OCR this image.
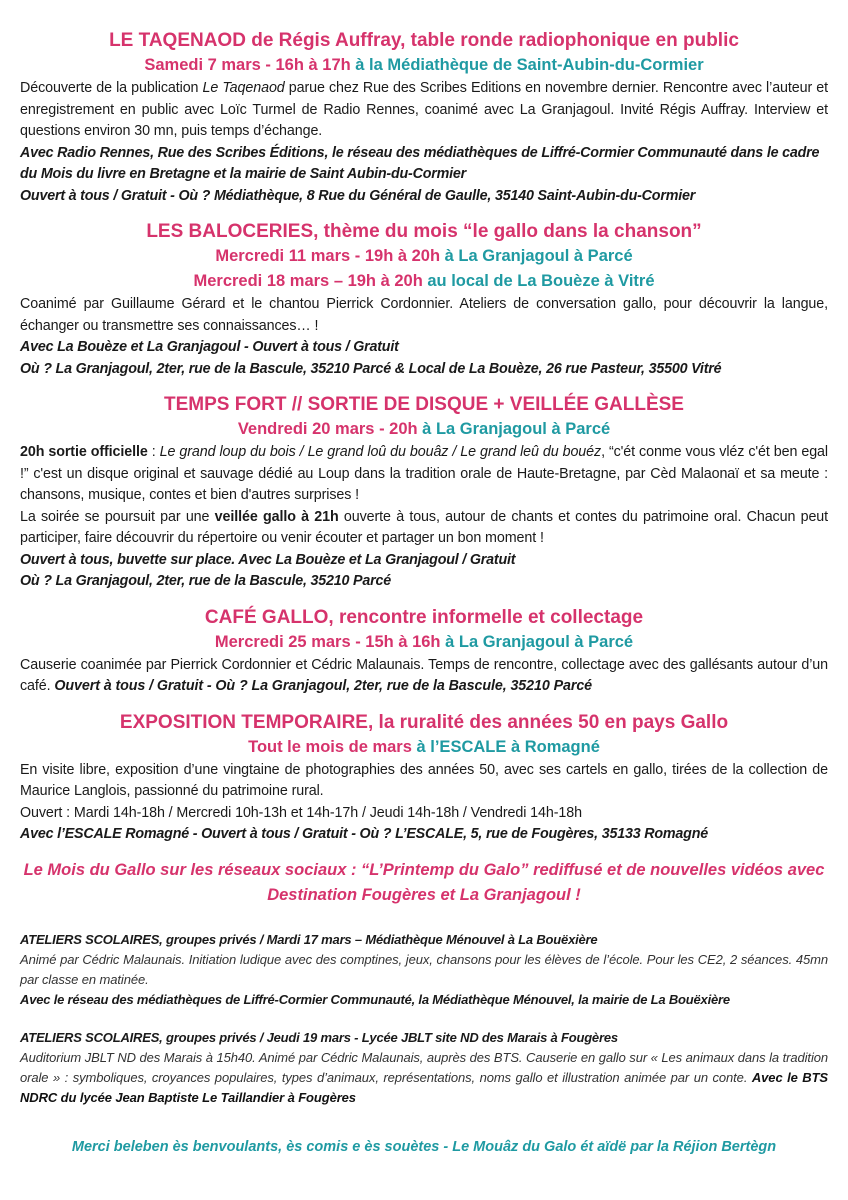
LE TAQENAOD de Régis Auffray, table ronde radiophonique en public

Samedi 7 mars - 16h à 17h à la Médiathèque de Saint-Aubin-du-Cormier

Découverte de la publication Le Taqenaod parue chez Rue des Scribes Editions en novembre dernier. Rencontre avec l’auteur et enregistrement en public avec Loïc Turmel de Radio Rennes, coanimé avec La Granjagoul. Invité Régis Auffray. Interview et questions environ 30 mn, puis temps d’échange.

Avec Radio Rennes, Rue des Scribes Éditions, le réseau des médiathèques de Liffré-Cormier Communauté dans le cadre du Mois du livre en Bretagne et la mairie de Saint Aubin-du-Cormier

Ouvert à tous / Gratuit - Où ? Médiathèque, 8 Rue du Général de Gaulle, 35140 Saint-Aubin-du-Cormier

LES BALOCERIES, thème du mois “le gallo dans la chanson”

Mercredi 11 mars - 19h à 20h à La Granjagoul à Parcé

Mercredi 18 mars – 19h à 20h au local de La Bouèze à Vitré

Coanimé par Guillaume Gérard et le chantou Pierrick Cordonnier. Ateliers de conversation gallo, pour découvrir la langue, échanger ou transmettre ses connaissances… !

Avec La Bouèze et La Granjagoul - Ouvert à tous / Gratuit

Où ? La Granjagoul, 2ter, rue de la Bascule, 35210 Parcé & Local de La Bouèze, 26 rue Pasteur, 35500 Vitré

TEMPS FORT // SORTIE DE DISQUE + VEILLÉE GALLÈSE

Vendredi 20 mars - 20h à La Granjagoul à Parcé

20h sortie officielle : Le grand loup du bois / Le grand loû du bouâz / Le grand leû du bouéz, “c'ét conme vous vléz c'ét ben egal !” c'est un disque original et sauvage dédié au Loup dans la tradition orale de Haute-Bretagne, par Cèd Malaonaï et sa meute : chansons, musique, contes et bien d'autres surprises !
La soirée se poursuit par une veillée gallo à 21h ouverte à tous, autour de chants et contes du patrimoine oral. Chacun peut participer, faire découvrir du répertoire ou venir écouter et partager un bon moment !

Ouvert à tous, buvette sur place. Avec La Bouèze et La Granjagoul / Gratuit

Où ? La Granjagoul, 2ter, rue de la Bascule, 35210 Parcé

CAFÉ GALLO, rencontre informelle et collectage

Mercredi 25 mars - 15h à 16h à La Granjagoul à Parcé

Causerie coanimée par Pierrick Cordonnier et Cédric Malaunais. Temps de rencontre, collectage avec des gallésants autour d’un café. Ouvert à tous / Gratuit - Où ? La Granjagoul, 2ter, rue de la Bascule, 35210 Parcé

EXPOSITION TEMPORAIRE, la ruralité des années 50 en pays Gallo

Tout le mois de mars à l’ESCALE à Romagné

En visite libre, exposition d’une vingtaine de photographies des années 50, avec ses cartels en gallo, tirées de la collection de Maurice Langlois, passionné du patrimoine rural.

Ouvert : Mardi 14h-18h / Mercredi 10h-13h et 14h-17h / Jeudi 14h-18h / Vendredi 14h-18h

Avec l’ESCALE Romagné - Ouvert à tous / Gratuit - Où ? L’ESCALE, 5, rue de Fougères, 35133 Romagné

Le Mois du Gallo sur les réseaux sociaux : “L’Printemp du Galo” rediffusé et de nouvelles vidéos avec Destination Fougères et La Granjagoul !

ATELIERS SCOLAIRES, groupes privés / Mardi 17 mars – Médiathèque Ménouvel à La Bouëxière

Animé par Cédric Malaunais. Initiation ludique avec des comptines, jeux, chansons pour les élèves de l’école. Pour les CE2, 2 séances. 45mn par classe en matinée.

Avec le réseau des médiathèques de Liffré-Cormier Communauté, la Médiathèque Ménouvel, la mairie de La Bouëxière

ATELIERS SCOLAIRES, groupes privés / Jeudi 19 mars - Lycée JBLT site ND des Marais à Fougères

Auditorium JBLT ND des Marais à 15h40. Animé par Cédric Malaunais, auprès des BTS. Causerie en gallo sur « Les animaux dans la tradition orale » : symboliques, croyances populaires, types d’animaux, représentations, noms gallo et illustration animée par un conte. Avec le BTS NDRC du lycée Jean Baptiste Le Taillandier à Fougères

Merci beleben ès benvoulants, ès comis e ès souètes - Le Mouâz du Galo ét aïdë par la Réjion Bertègn
